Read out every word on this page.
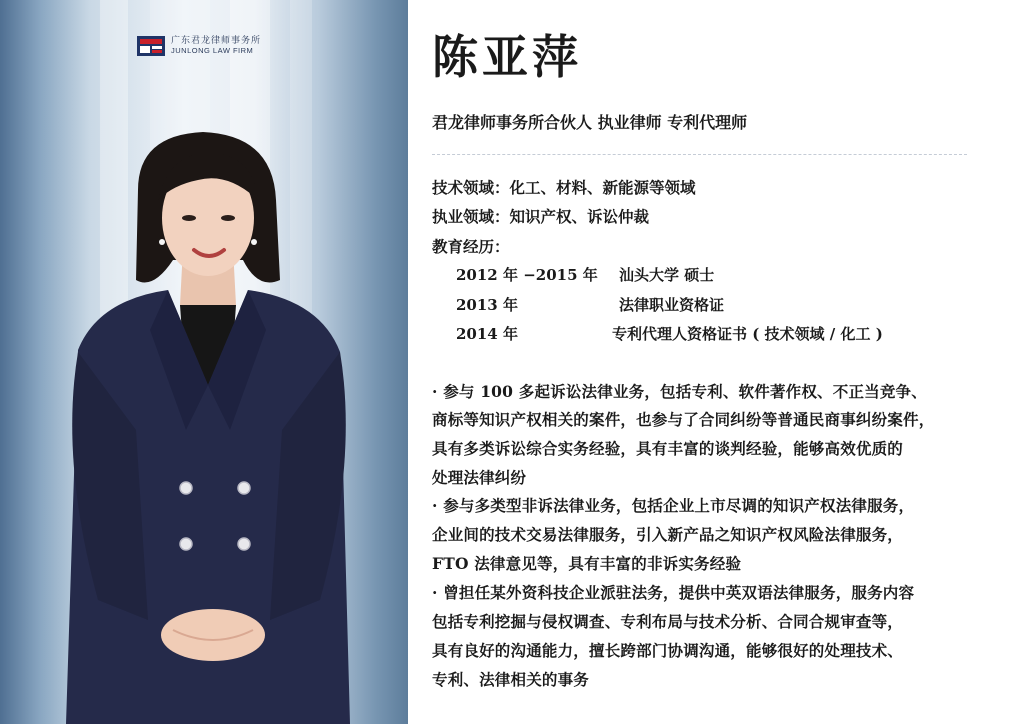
广东君龙律师事务所
JUNLONG LAW FIRM	陈亚萍
君龙律师事务所合伙人 执业律师 专利代理师
技术领域：化工、材料、新能源等领域
执业领域：知识产权、诉讼仲裁
教育经历：
2012 年 −2015 年 汕头大学 硕士
2013 年	法律职业资格证
2014 年	专利代理人资格证书 ( 技术领域 / 化工 )
· 参与 100 多起诉讼法律业务，包括专利、软件著作权、不正当竞争、
商标等知识产权相关的案件，也参与了合同纠纷等普通民商事纠纷案件，
具有多类诉讼综合实务经验，具有丰富的谈判经验，能够高效优质的
处理法律纠纷
· 参与多类型非诉法律业务，包括企业上市尽调的知识产权法律服务，
企业间的技术交易法律服务，引入新产品之知识产权风险法律服务，
FTO 法律意见等，具有丰富的非诉实务经验
· 曾担任某外资科技企业派驻法务，提供中英双语法律服务，服务内容
包括专利挖掘与侵权调查、专利布局与技术分析、合同合规审查等，
具有良好的沟通能力，擅长跨部门协调沟通，能够很好的处理技术、
专利、法律相关的事务
